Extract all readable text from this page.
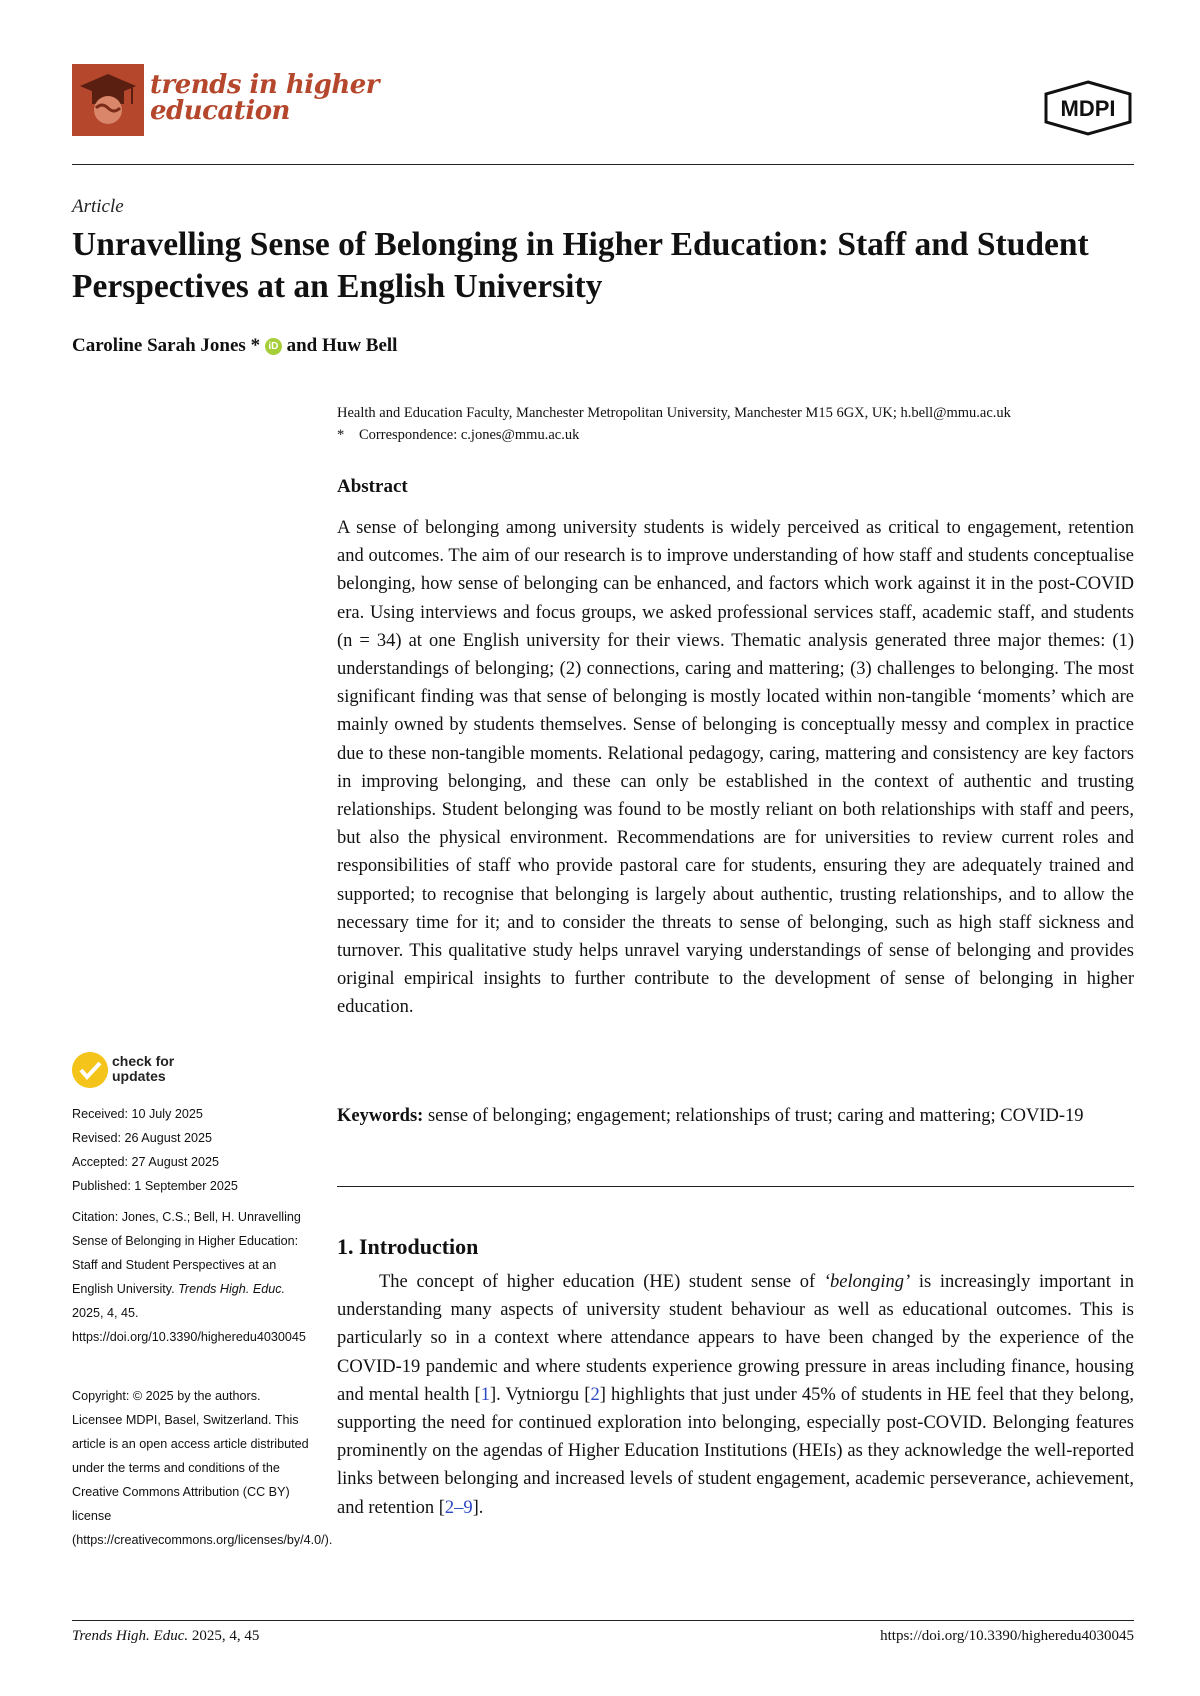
trends in higher
education	MDPI
Article
Unravelling Sense of Belonging in Higher Education: Staff and Student Perspectives at an English University
Caroline Sarah Jones * iD and Huw Bell
Health and Education Faculty, Manchester Metropolitan University, Manchester M15 6GX, UK; h.bell@mmu.ac.uk
* Correspondence: c.jones@mmu.ac.uk
Abstract

A sense of belonging among university students is widely perceived as critical to engagement, retention and outcomes. The aim of our research is to improve understanding of how staff and students conceptualise belonging, how sense of belonging can be enhanced, and factors which work against it in the post-COVID era. Using interviews and focus groups, we asked professional services staff, academic staff, and students (n = 34) at one English university for their views. Thematic analysis generated three major themes: (1) understandings of belonging; (2) connections, caring and mattering; (3) challenges to belonging. The most significant finding was that sense of belonging is mostly located within non-tangible ‘moments’ which are mainly owned by students themselves. Sense of belonging is conceptually messy and complex in practice due to these non-tangible moments. Relational pedagogy, caring, mattering and consistency are key factors in improving belonging, and these can only be established in the context of authentic and trusting relationships. Student belonging was found to be mostly reliant on both relationships with staff and peers, but also the physical environment. Recommendations are for universities to review current roles and responsibilities of staff who provide pastoral care for students, ensuring they are adequately trained and supported; to recognise that belonging is largely about authentic, trusting relationships, and to allow the necessary time for it; and to consider the threats to sense of belonging, such as high staff sickness and turnover. This qualitative study helps unravel varying understandings of sense of belonging and provides original empirical insights to further contribute to the development of sense of belonging in higher education.

Keywords: sense of belonging; engagement; relationships of trust; caring and mattering; COVID-19

1. Introduction

The concept of higher education (HE) student sense of ‘belonging’ is increasingly important in understanding many aspects of university student behaviour as well as educational outcomes. This is particularly so in a context where attendance appears to have been changed by the experience of the COVID-19 pandemic and where students experience growing pressure in areas including finance, housing and mental health [1]. Vytniorgu [2] highlights that just under 45% of students in HE feel that they belong, supporting the need for continued exploration into belonging, especially post-COVID. Belonging features prominently on the agendas of Higher Education Institutions (HEIs) as they acknowledge the well-reported links between belonging and increased levels of student engagement, academic perseverance, achievement, and retention [2–9].

check for
updates

Received: 10 July 2025

Revised: 26 August 2025

Accepted: 27 August 2025

Published: 1 September 2025

Citation: Jones, C.S.; Bell, H. Unravelling Sense of Belonging in Higher Education: Staff and Student Perspectives at an English University. Trends High. Educ. 2025, 4, 45. https://doi.org/10.3390/higheredu4030045

Copyright: © 2025 by the authors. Licensee MDPI, Basel, Switzerland. This article is an open access article distributed under the terms and conditions of the Creative Commons Attribution (CC BY) license (https://creativecommons.org/licenses/by/4.0/).

Trends High. Educ. 2025, 4, 45	https://doi.org/10.3390/higheredu4030045
